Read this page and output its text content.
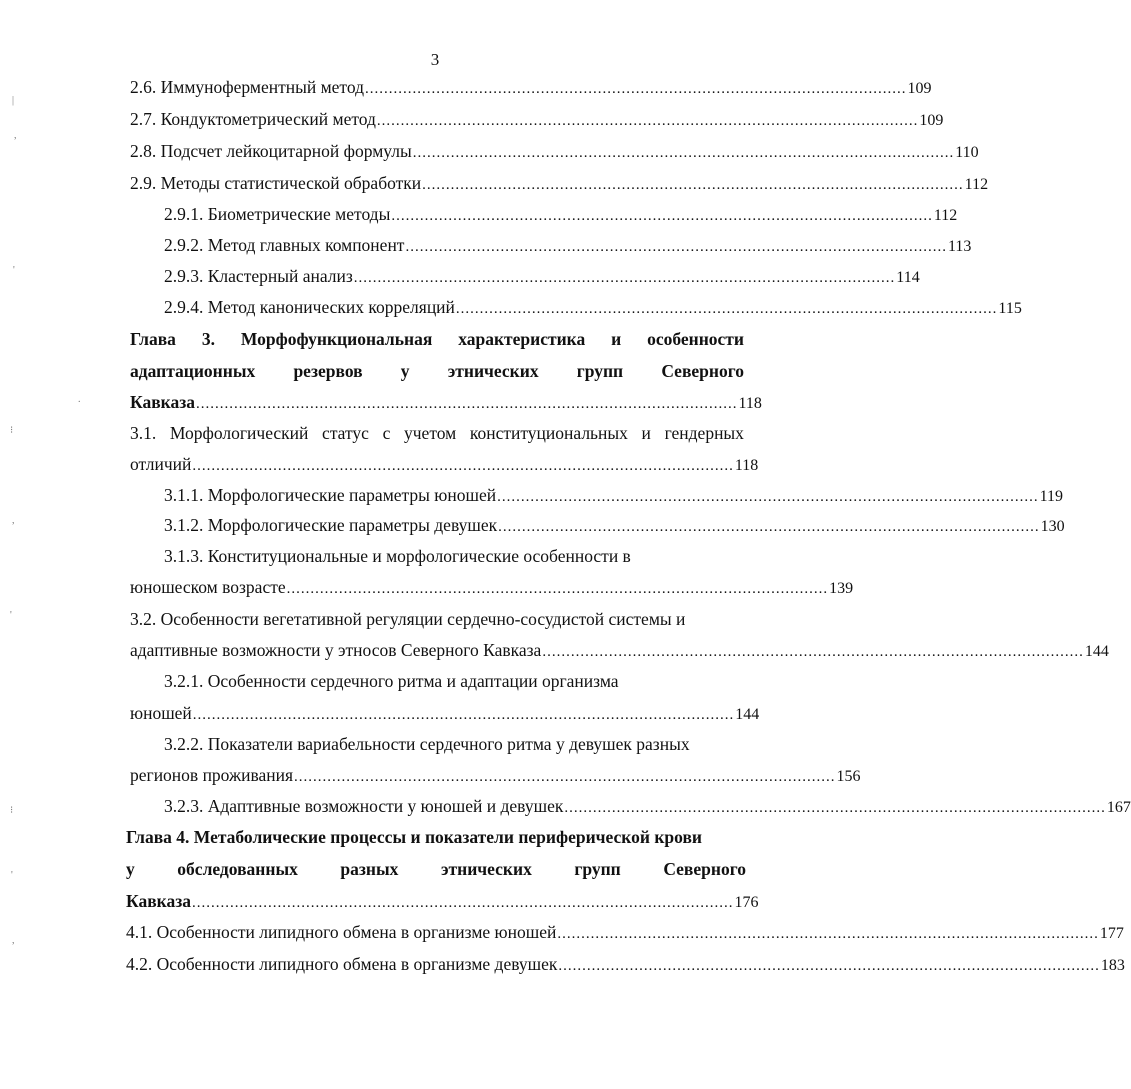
3
2.6. Иммуноферментный метод .................................................................................................................. 109
2.7. Кондуктометрический метод .................................................................................................................. 109
2.8. Подсчет лейкоцитарной формулы .................................................................................................................. 110
2.9. Методы статистической обработки .................................................................................................................. 112
2.9.1. Биометрические методы .................................................................................................................. 112
2.9.2. Метод главных компонент .................................................................................................................. 113
2.9.3. Кластерный анализ .................................................................................................................. 114
2.9.4. Метод канонических корреляций .................................................................................................................. 115
Глава 3. Морфофункциональная характеристика и особенности
адаптационных резервов у этнических групп Северного
Кавказа .................................................................................................................. 118
3.1. Морфологический статус с учетом конституциональных и гендерных
отличий .................................................................................................................. 118
3.1.1. Морфологические параметры юношей .................................................................................................................. 119
3.1.2. Морфологические параметры девушек .................................................................................................................. 130
3.1.3. Конституциональные и морфологические особенности в
юношеском возрасте .................................................................................................................. 139
3.2. Особенности вегетативной регуляции сердечно-сосудистой системы и
адаптивные возможности у этносов Северного Кавказа .................................................................................................................. 144
3.2.1. Особенности сердечного ритма и адаптации организма
юношей .................................................................................................................. 144
3.2.2. Показатели вариабельности сердечного ритма у девушек разных
регионов проживания .................................................................................................................. 156
3.2.3. Адаптивные возможности у юношей и девушек .................................................................................................................. 167
Глава 4. Метаболические процессы и показатели периферической крови
у обследованных разных этнических групп Северного
Кавказа .................................................................................................................. 176
4.1. Особенности липидного обмена в организме юношей .................................................................................................................. 177
4.2. Особенности липидного обмена в организме девушек .................................................................................................................. 183
|
,
'
.
⁝
,
'
⁝
'
,
